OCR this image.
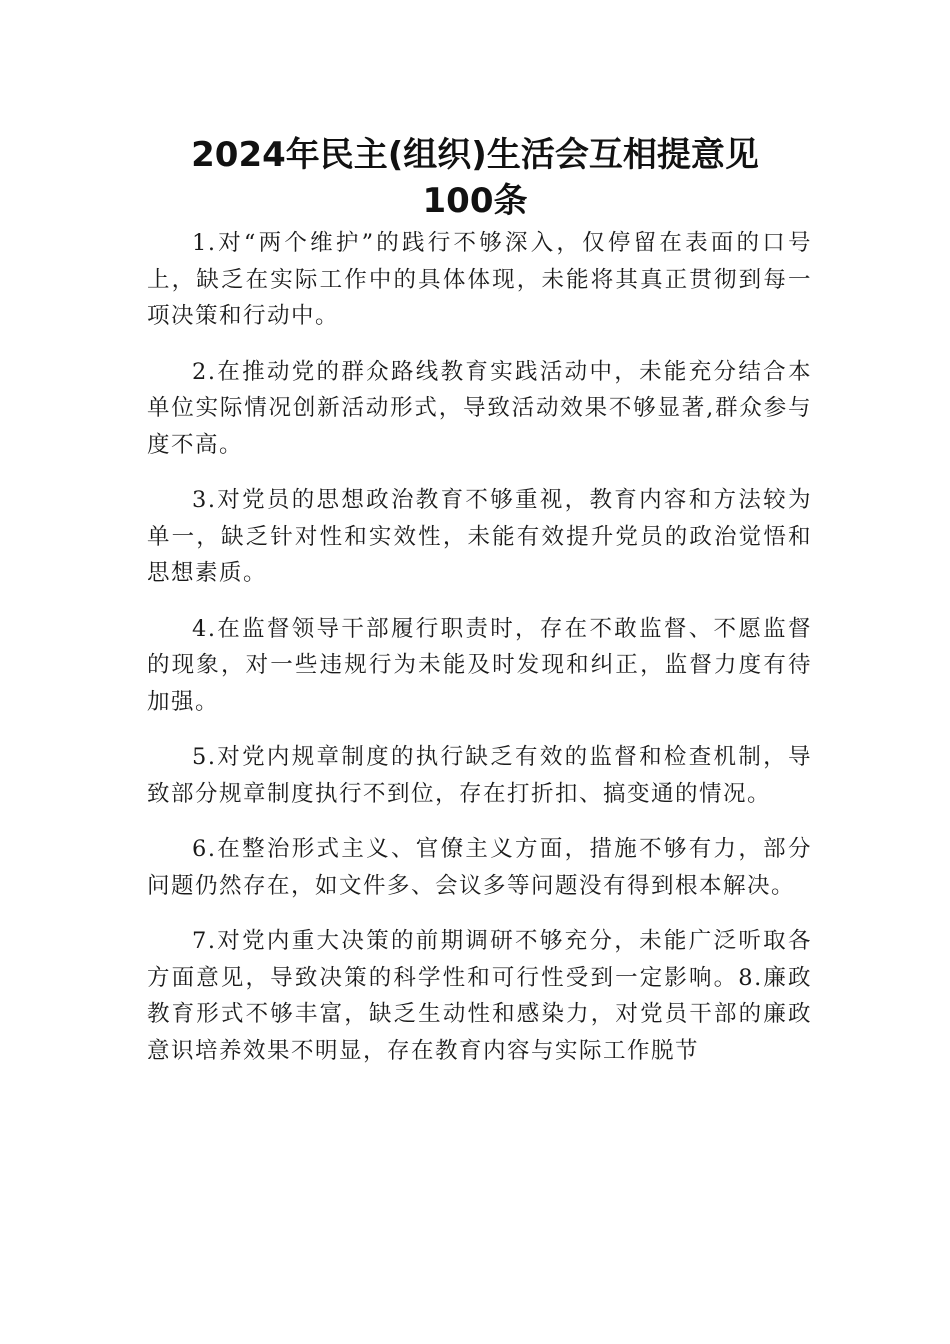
2024年民主(组织)生活会互相提意见
100条

1.对“两个维护”的践行不够深入，仅停留在表面的口号上，缺乏在实际工作中的具体体现，未能将其真正贯彻到每一项决策和行动中。

2.在推动党的群众路线教育实践活动中，未能充分结合本单位实际情况创新活动形式，导致活动效果不够显著,群众参与度不高。

3.对党员的思想政治教育不够重视，教育内容和方法较为单一，缺乏针对性和实效性，未能有效提升党员的政治觉悟和思想素质。

4.在监督领导干部履行职责时，存在不敢监督、不愿监督的现象，对一些违规行为未能及时发现和纠正，监督力度有待加强。

5.对党内规章制度的执行缺乏有效的监督和检查机制，导致部分规章制度执行不到位，存在打折扣、搞变通的情况。

6.在整治形式主义、官僚主义方面，措施不够有力，部分问题仍然存在，如文件多、会议多等问题没有得到根本解决。

7.对党内重大决策的前期调研不够充分，未能广泛听取各方面意见，导致决策的科学性和可行性受到一定影响。8.廉政教育形式不够丰富，缺乏生动性和感染力，对党员干部的廉政意识培养效果不明显，存在教育内容与实际工作脱节
